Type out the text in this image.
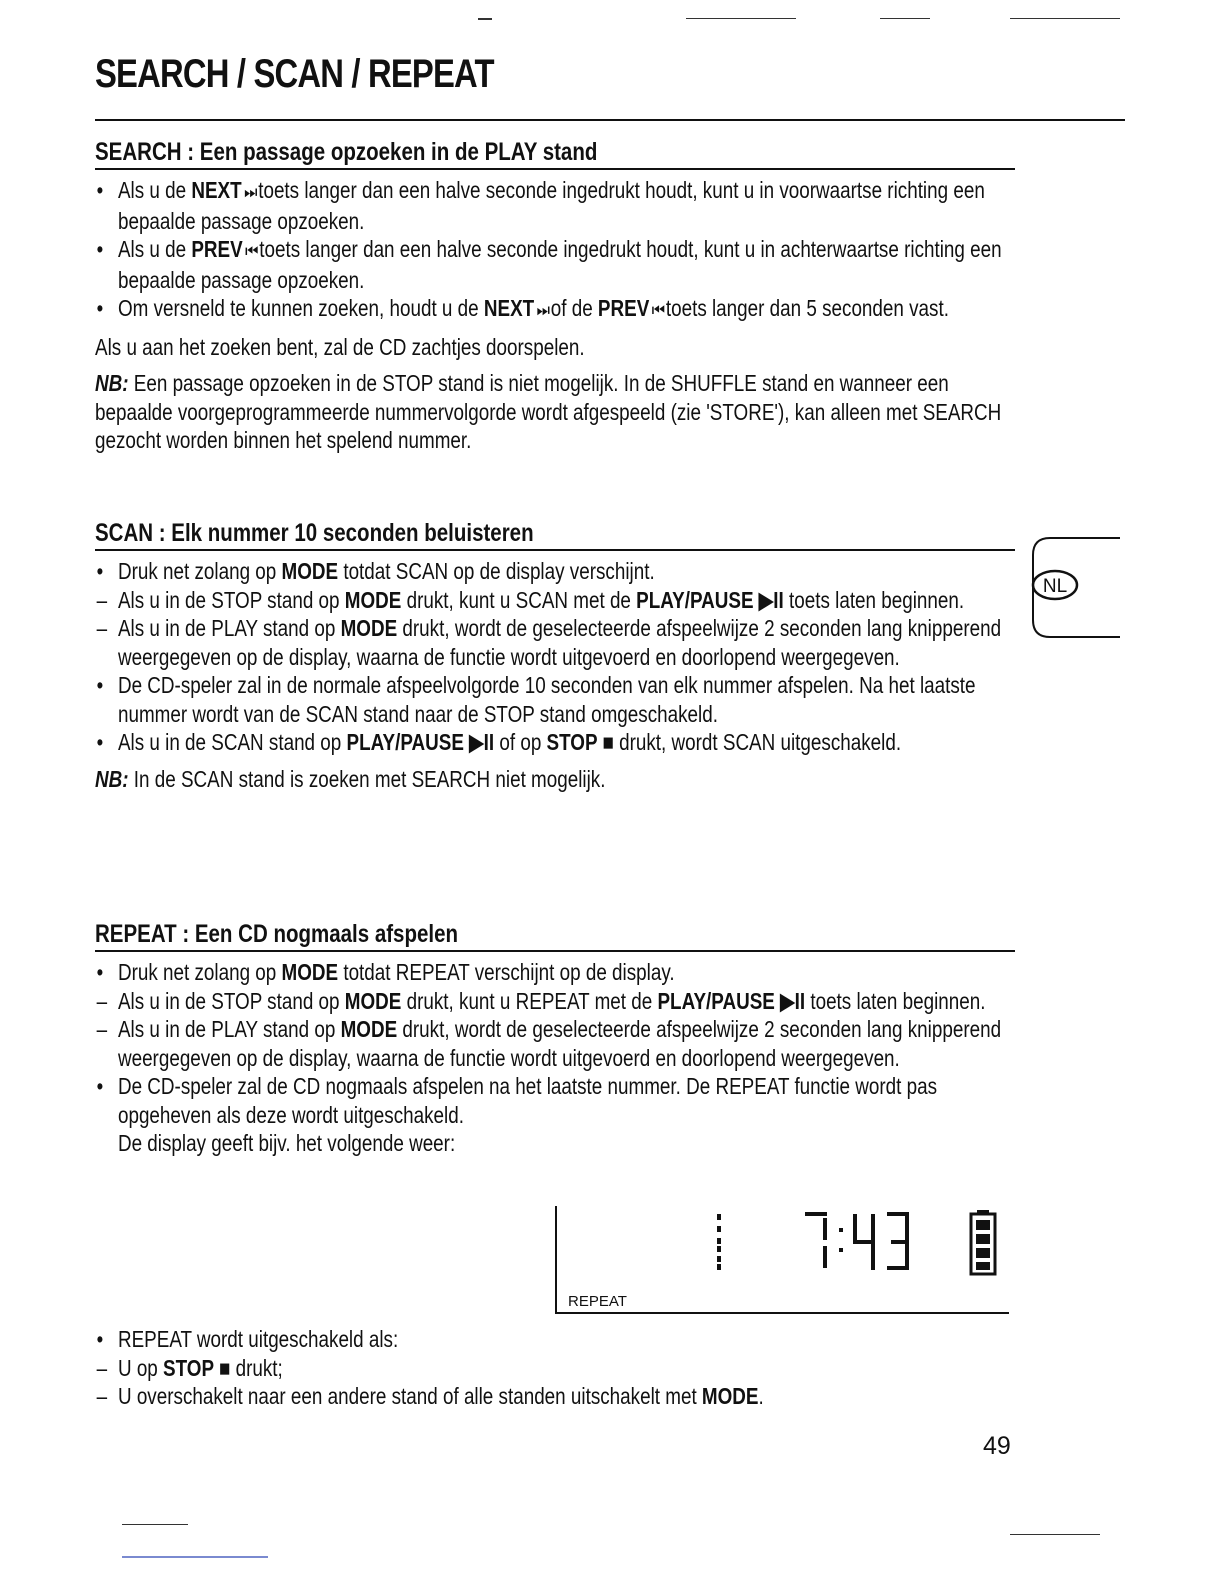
SEARCH / SCAN / REPEAT
SEARCH : Een passage opzoeken in de PLAY stand
• Als u de NEXT ⏭ toets langer dan een halve seconde ingedrukt houdt, kunt u in voorwaartse richting een bepaalde passage opzoeken.
• Als u de PREV ⏮ toets langer dan een halve seconde ingedrukt houdt, kunt u in achterwaartse richting een bepaalde passage opzoeken.
• Om versneld te kunnen zoeken, houdt u de NEXT ⏭ of de PREV ⏮ toets langer dan 5 seconden vast.
Als u aan het zoeken bent, zal de CD zachtjes doorspelen.
NB: Een passage opzoeken in de STOP stand is niet mogelijk. In de SHUFFLE stand en wanneer een bepaalde voorgeprogrammeerde nummervolgorde wordt afgespeeld (zie 'STORE'), kan alleen met SEARCH gezocht worden binnen het spelend nummer.
SCAN : Elk nummer 10 seconden beluisteren
• Druk net zolang op MODE totdat SCAN op de display verschijnt.
– Als u in de STOP stand op MODE drukt, kunt u SCAN met de PLAY/PAUSE ▶II toets laten beginnen.
– Als u in de PLAY stand op MODE drukt, wordt de geselecteerde afspeelwijze 2 seconden lang knipperend weergegeven op de display, waarna de functie wordt uitgevoerd en doorlopend weergegeven.
• De CD-speler zal in de normale afspeelvolgorde 10 seconden van elk nummer afspelen. Na het laatste nummer wordt van de SCAN stand naar de STOP stand omgeschakeld.
• Als u in de SCAN stand op PLAY/PAUSE ▶II of op STOP ■ drukt, wordt SCAN uitgeschakeld.
NB: In de SCAN stand is zoeken met SEARCH niet mogelijk.
REPEAT : Een CD nogmaals afspelen
• Druk net zolang op MODE totdat REPEAT verschijnt op de display.
– Als u in de STOP stand op MODE drukt, kunt u REPEAT met de PLAY/PAUSE ▶II toets laten beginnen.
– Als u in de PLAY stand op MODE drukt, wordt de geselecteerde afspeelwijze 2 seconden lang knipperend weergegeven op de display, waarna de functie wordt uitgevoerd en doorlopend weergegeven.
• De CD-speler zal de CD nogmaals afspelen na het laatste nummer. De REPEAT functie wordt pas opgeheven als deze wordt uitgeschakeld.
De display geeft bijv. het volgende weer:
1	7:43
REPEAT
• REPEAT wordt uitgeschakeld als:
– U op STOP ■ drukt;
– U overschakelt naar een andere stand of alle standen uitschakelt met MODE.
NL
49
